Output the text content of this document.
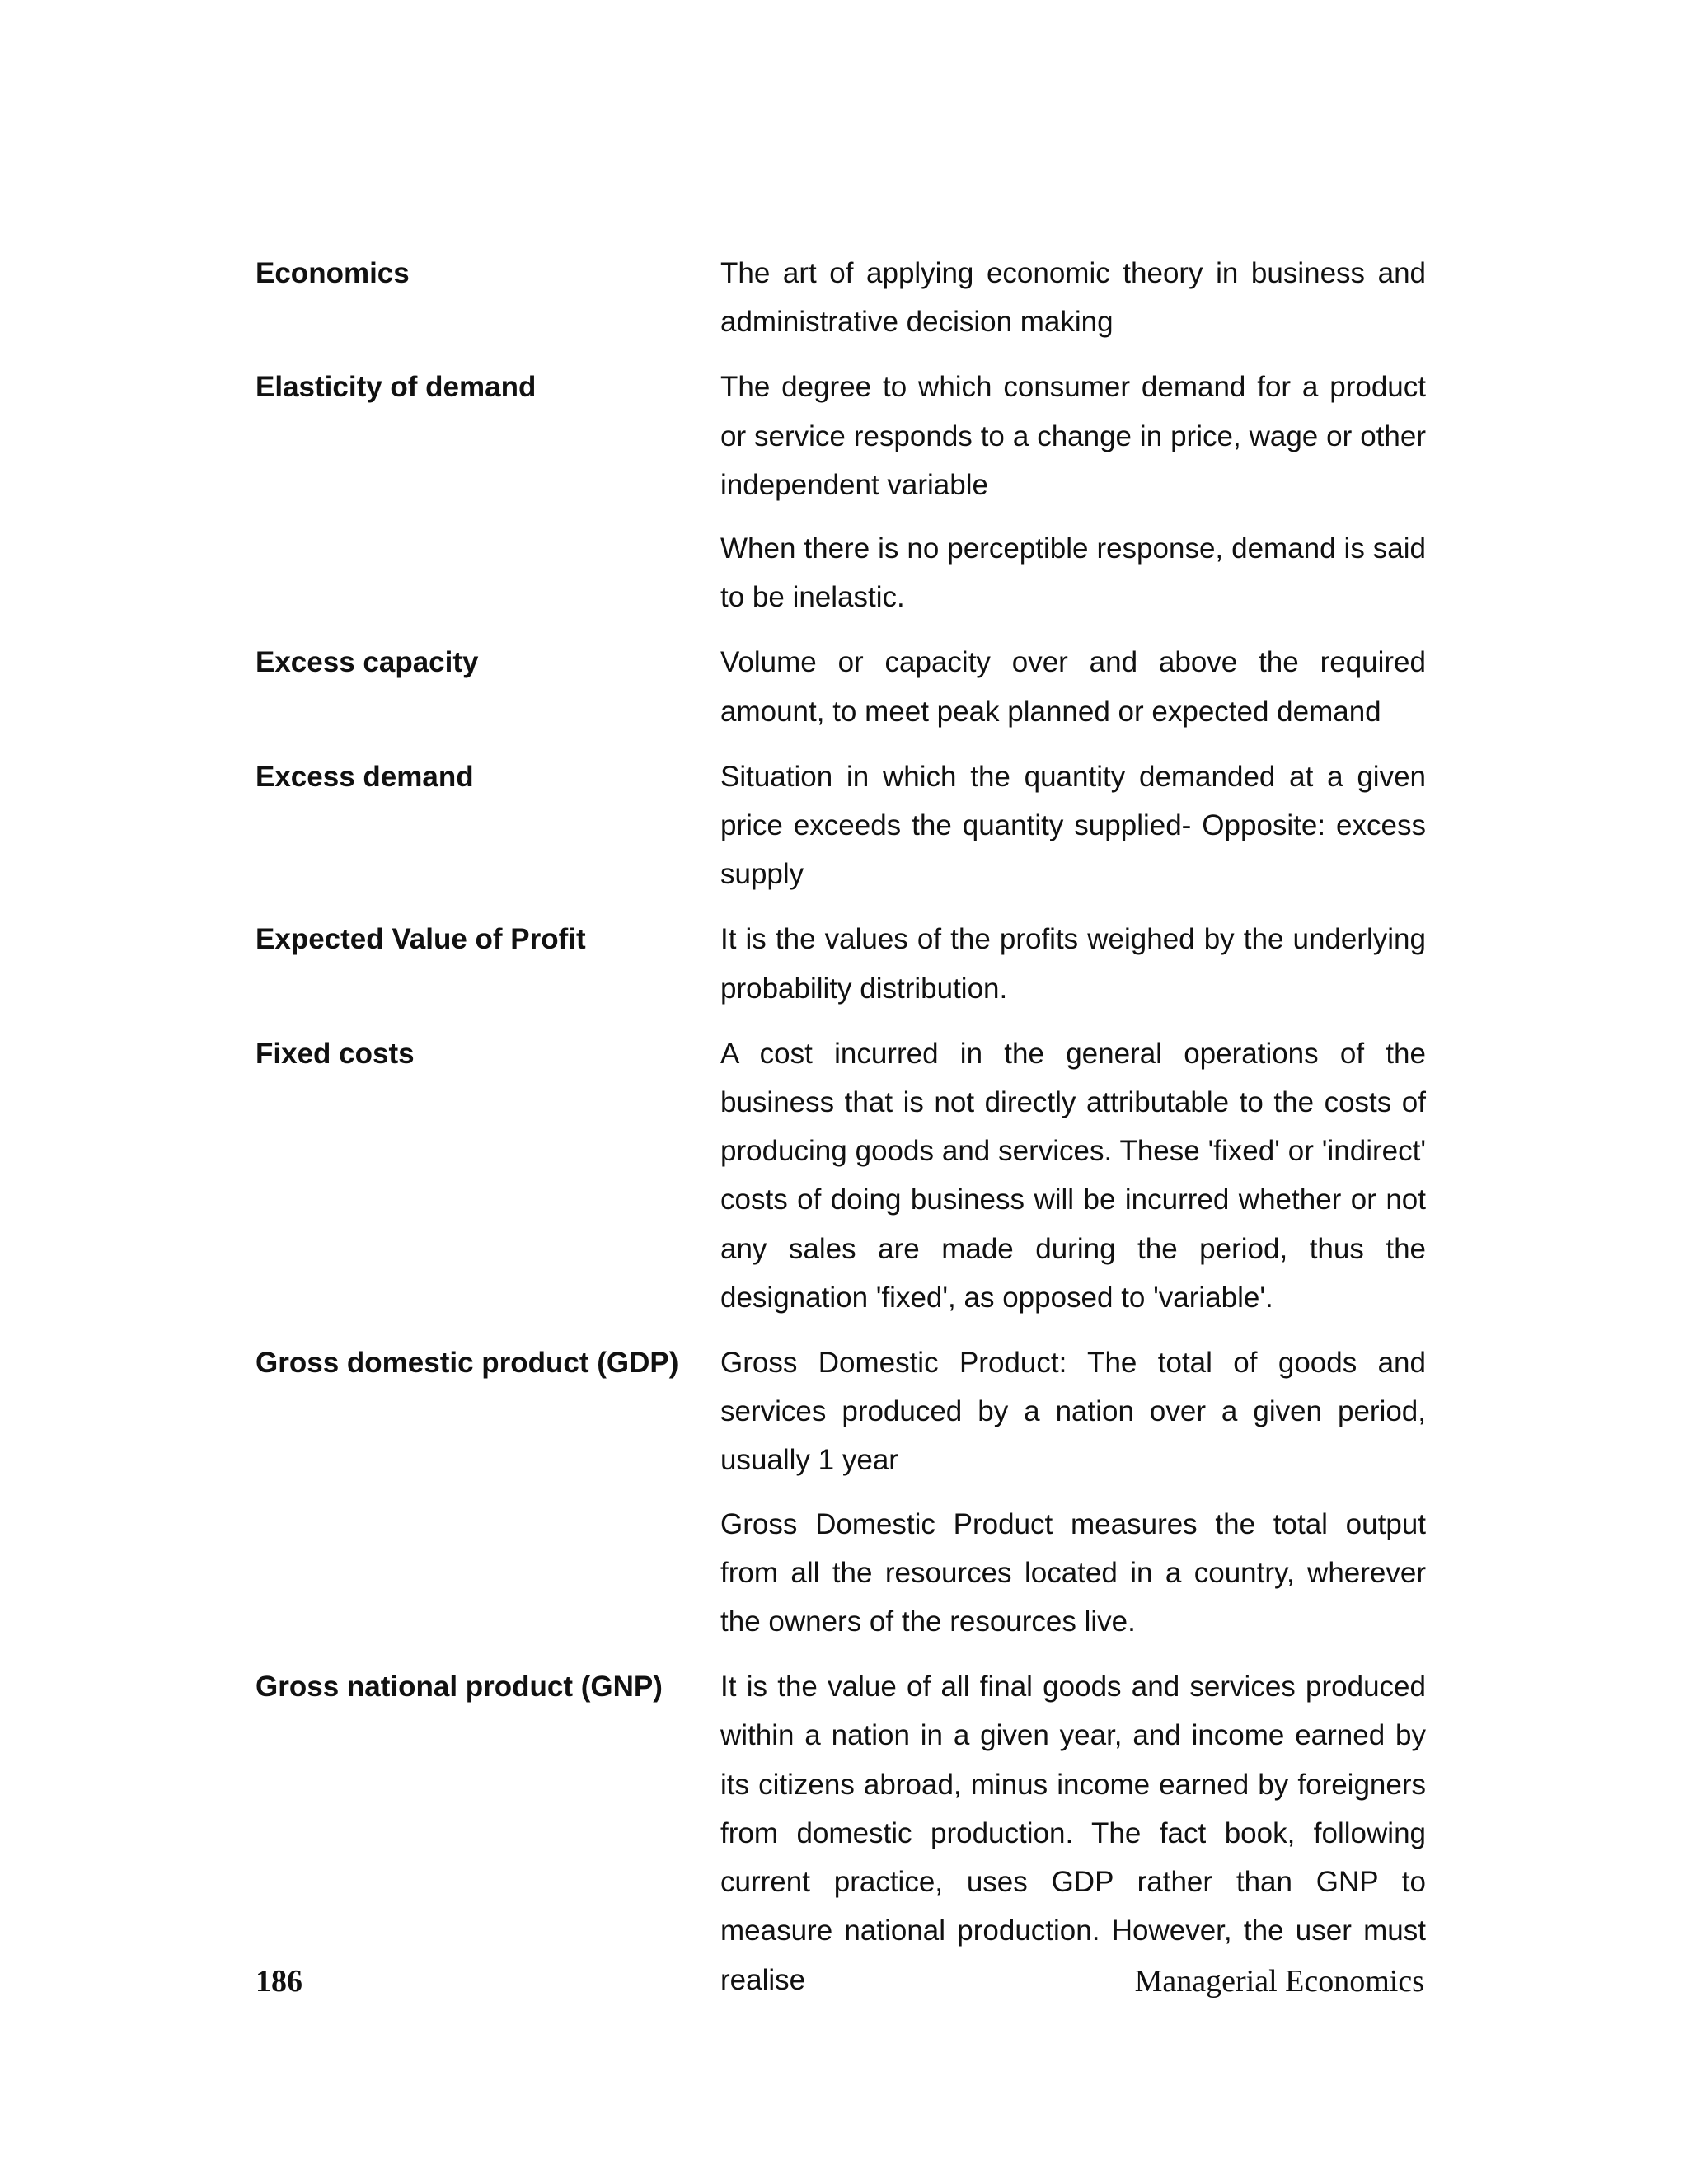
Economics	The art of applying economic theory in business and administrative decision making

Elasticity of demand	The degree to which consumer demand for a product or service responds to a change in price, wage or other independent variable

When there is no perceptible response, demand is said to be inelastic.

Excess capacity	Volume or capacity over and above the required amount, to meet peak planned or expected demand

Excess demand	Situation in which the quantity demanded at a given price exceeds the quantity supplied- Opposite: excess supply

Expected Value of Profit	It is the values of the profits weighed by the underlying probability distribution.

Fixed costs	A cost incurred in the general operations of the business that is not directly attributable to the costs of producing goods and services. These 'fixed' or 'indirect' costs of doing business will be incurred whether or not any sales are made during the period, thus the designation 'fixed', as opposed to 'variable'.

Gross domestic product (GDP)	Gross Domestic Product: The total of goods and services produced by a nation over a given period, usually 1 year

Gross Domestic Product measures the total output from all the resources located in a country, wherever the owners of the resources live.

Gross national product (GNP)	It is the value of all final goods and services produced within a nation in a given year, and income earned by its citizens abroad, minus income earned by foreigners from domestic production. The fact book, following current practice, uses GDP rather than GNP to measure national production. However, the user must realise

186	Managerial Economics
